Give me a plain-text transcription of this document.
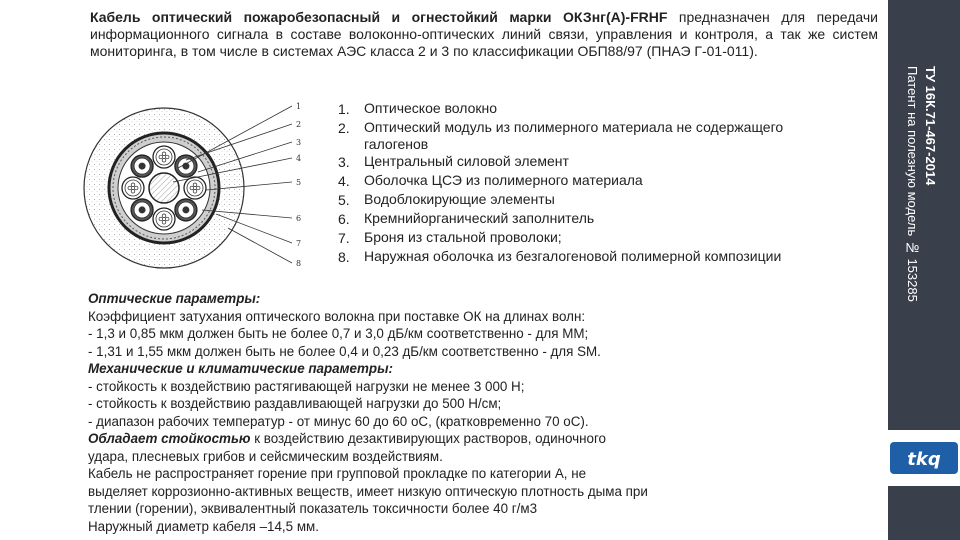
Кабель оптический пожаробезопасный и огнестойкий марки ОКЗнг(А)-FRHF предназначен для передачи информационного сигнала в составе волоконно-оптических линий связи, управления и контроля, а так же систем мониторинга, в том числе в системах АЭС класса 2 и 3 по классификации ОБП88/97 (ПНАЭ Г-01-011).

1
2
3
4
5
6
7
8
1.	Оптическое волокно
2.	Оптический модуль из полимерного материала не содержащего галогенов
3.	Центральный силовой элемент
4.	Оболочка ЦСЭ из полимерного материала
5.	Водоблокирующие элементы
6.	Кремнийорганический заполнитель
7.	Броня из стальной проволоки;
8.	Наружная оболочка из безгалогеновой полимерной композиции
Оптические параметры:
Коэффициент затухания оптического волокна при поставке ОК на длинах волн:
- 1,3 и 0,85 мкм должен быть не более 0,7 и 3,0 дБ/км соответственно - для ММ;
- 1,31 и 1,55 мкм должен быть не более 0,4 и 0,23 дБ/км соответственно - для SM.
Механические и климатические параметры:
- стойкость к воздействию растягивающей нагрузки не менее 3 000 Н;
- стойкость к воздействию раздавливающей нагрузки до 500 Н/см;
- диапазон рабочих температур - от минус 60 до 60 оС, (кратковременно 70 оС).
Обладает стойкостью к воздействию дезактивирующих растворов, одиночного
удара, плесневых грибов и сейсмическим воздействиям.
Кабель не распространяет горение при групповой прокладке по категории А, не
выделяет коррозионно-активных веществ, имеет низкую оптическую плотность дыма при
тлении (горении), эквивалентный показатель токсичности более 40 г/м3
Наружный диаметр кабеля –14,5 мм.
ТУ 16К.71-467-2014
Патент на полезную модель № 153285
tkq
